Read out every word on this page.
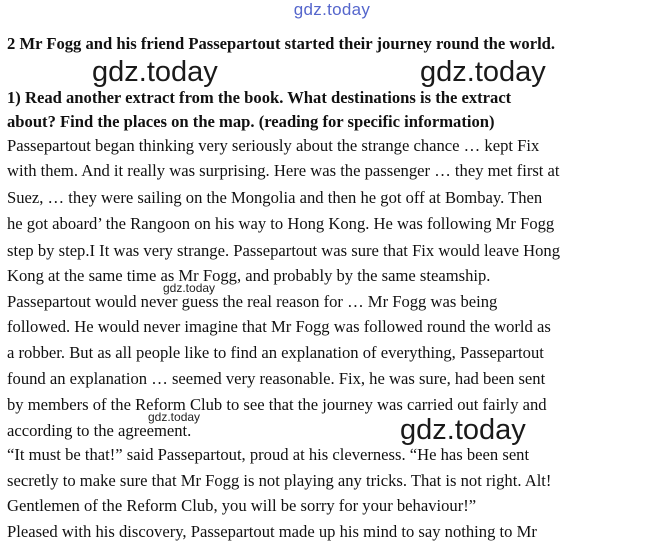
gdz.today
2 Mr Fogg and his friend Passepartout started their journey round the world.
1) Read another extract from the book. What destinations is the extract
about? Find the places on the map. (reading for specific information)
Passepartout began thinking very seriously about the strange chance … kept Fix
with them. And it really was surprising. Here was the passenger … they met first at
Suez, … they were sailing on the Mongolia and then he got off at Bombay. Then
he got aboard’ the Rangoon on his way to Hong Kong. He was following Mr Fogg
step by step.I It was very strange. Passepartout was sure that Fix would leave Hong
Kong at the same time as Mr Fogg, and probably by the same steamship.
Passepartout would never guess the real reason for … Mr Fogg was being
followed. He would never imagine that Mr Fogg was followed round the world as
a robber. But as all people like to find an explanation of everything, Passepartout
found an explanation … seemed very reasonable. Fix, he was sure, had been sent
by members of the Reform Club to see that the journey was carried out fairly and
according to the agreement.
“It must be that!” said Passepartout, proud at his cleverness. “He has been sent
secretly to make sure that Mr Fogg is not playing any tricks. That is not right. Alt!
Gentlemen of the Reform Club, you will be sorry for your behaviour!”
Pleased with his discovery, Passepartout made up his mind to say nothing to Mr
gdz.today	gdz.today
gdz.today
gdz.today	gdz.today
